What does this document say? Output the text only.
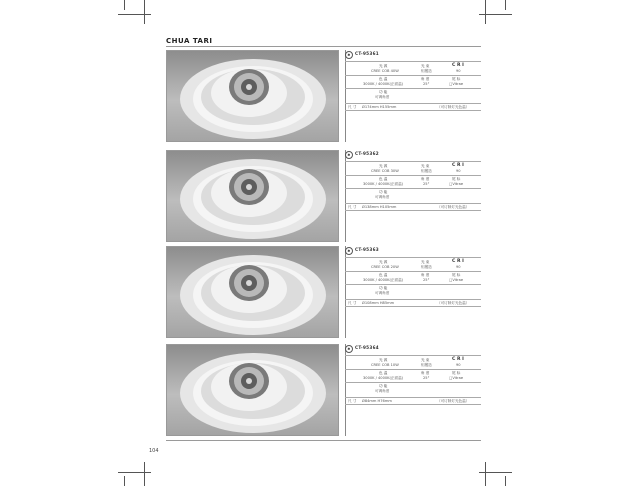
CHUA TARI
✱	CT-95361
光 源	光 束	C R I
CREE COB 40W	铝锻造	90
色 温	角 度	尾 标
3000K / 4000K(正面温)	25°	□Vitrae
功 能
可调角度
尺 寸 Ø174mm H155mm	（可订制灯光色温）
✱	CT-95362
光 源	光 束	C R I
CREE COB 30W	铝锻造	90
色 温	角 度	尾 标
3000K / 4000K(正面温)	25°	□Vitrae
功 能
可调角度
尺 寸 Ø138mm H105mm	（可订制灯光色温）
✱	CT-95363
光 源	光 束	C R I
CREE COB 20W	铝锻造	90
色 温	角 度	尾 标
3000K / 4000K(正面温)	25°	□Vitrae
功 能
可调角度
尺 寸 Ø108mm H85mm	（可订制灯光色温）
✱	CT-95364
光 源	光 束	C R I
CREE COB 10W	铝锻造	90
色 温	角 度	尾 标
3000K / 4000K(正面温)	25°	□Vitrae
功 能
可调角度
尺 寸 Ø84mm H76mm	（可订制灯光色温）
104
